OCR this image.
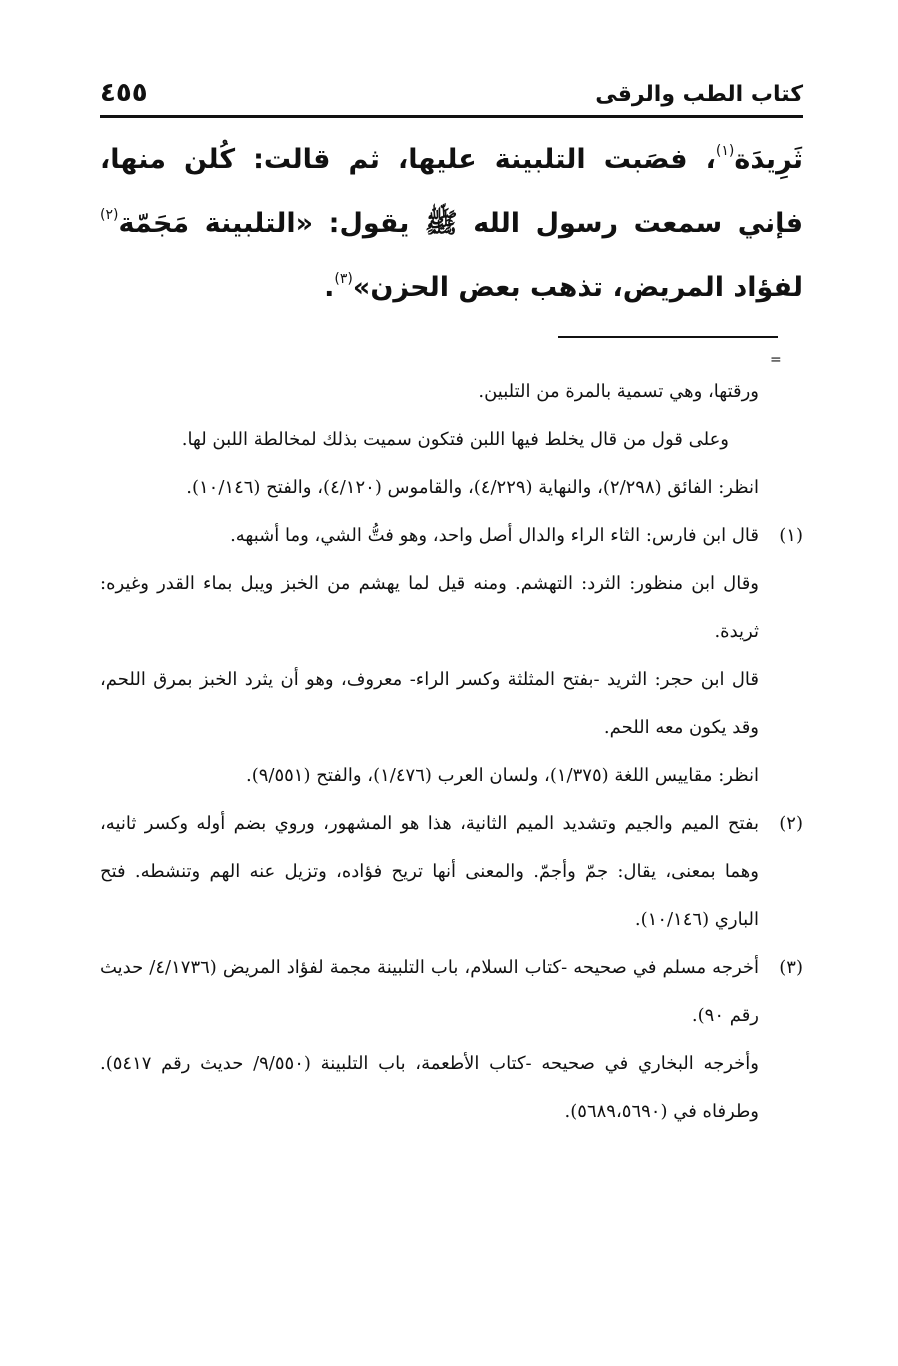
كتاب الطب والرقى
٤٥٥

ثَرِيدَة$^{(١)}$، فصَبت التلبينة عليها، ثم قالت: كُلن منها، فإني سمعت رسول الله ﷺ يقول: «التلبينة مَجَمّة$^{(٢)}$ لفؤاد المريض، تذهب بعض الحزن»$^{(٣)}$.

=

ورقتها، وهي تسمية بالمرة من التلبين.

وعلى قول من قال يخلط فيها اللبن فتكون سميت بذلك لمخالطة اللبن لها.

انظر: الفائق (٢/٢٩٨)، والنهاية (٤/٢٢٩)، والقاموس (٤/١٢٠)، والفتح (١٠/١٤٦).

(١)

قال ابن فارس: الثاء الراء والدال أصل واحد، وهو فتُّ الشي، وما أشبهه.

وقال ابن منظور: الثرد: التهشم. ومنه قيل لما يهشم من الخبز ويبل بماء القدر وغيره: ثريدة.

قال ابن حجر: الثريد -بفتح المثلثة وكسر الراء- معروف، وهو أن يثرد الخبز بمرق اللحم، وقد يكون معه اللحم.

انظر: مقاييس اللغة (١/٣٧٥)، ولسان العرب (١/٤٧٦)، والفتح (٩/٥٥١).

(٢)

بفتح الميم والجيم وتشديد الميم الثانية، هذا هو المشهور، وروي بضم أوله وكسر ثانيه، وهما بمعنى، يقال: جمّ وأجمّ. والمعنى أنها تريح فؤاده، وتزيل عنه الهم وتنشطه. فتح الباري (١٠/١٤٦).

(٣)

أخرجه مسلم في صحيحه -كتاب السلام، باب التلبينة مجمة لفؤاد المريض (٤/١٧٣٦/ حديث رقم ٩٠).

وأخرجه البخاري في صحيحه -كتاب الأطعمة، باب التلبينة (٩/٥٥٠/ حديث رقم ٥٤١٧). وطرفاه في (٥٦٨٩،٥٦٩٠).
